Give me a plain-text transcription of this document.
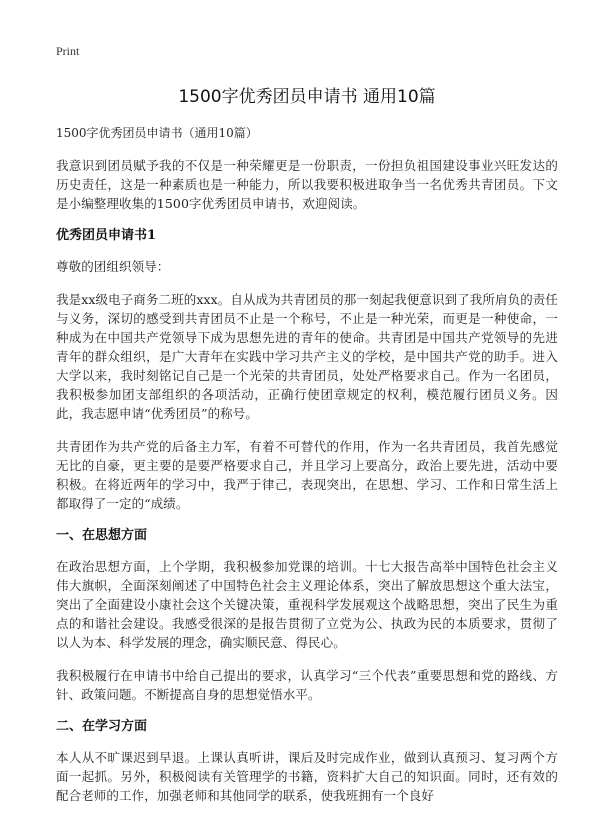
Print
1500字优秀团员申请书 通用10篇
1500字优秀团员申请书（通用10篇）

我意识到团员赋予我的不仅是一种荣耀更是一份职责，一份担负祖国建设事业兴旺发达的历史责任，这是一种素质也是一种能力，所以我要积极进取争当一名优秀共青团员。下文是小编整理收集的1500字优秀团员申请书，欢迎阅读。

优秀团员申请书1

尊敬的团组织领导：

我是xx级电子商务二班的xxx。自从成为共青团员的那一刻起我便意识到了我所肩负的责任与义务，深切的感受到共青团员不止是一个称号，不止是一种光荣，而更是一种使命，一种成为在中国共产党领导下成为思想先进的青年的使命。共青团是中国共产党领导的先进青年的群众组织，是广大青年在实践中学习共产主义的学校，是中国共产党的助手。进入大学以来，我时刻铭记自己是一个光荣的共青团员，处处严格要求自己。作为一名团员，我积极参加团支部组织的各项活动，正确行使团章规定的权利，模范履行团员义务。因此，我志愿申请“优秀团员”的称号。

共青团作为共产党的后备主力军，有着不可替代的作用，作为一名共青团员，我首先感觉无比的自豪，更主要的是要严格要求自己，并且学习上要高分，政治上要先进，活动中要积极。在将近两年的学习中，我严于律己，表现突出，在思想、学习、工作和日常生活上都取得了一定的“成绩。

一、在思想方面

在政治思想方面，上个学期，我积极参加党课的培训。十七大报告高举中国特色社会主义伟大旗帜，全面深刻阐述了中国特色社会主义理论体系，突出了解放思想这个重大法宝，突出了全面建设小康社会这个关键决策，重视科学发展观这个战略思想，突出了民生为重点的和谐社会建设。我感受很深的是报告贯彻了立党为公、执政为民的本质要求，贯彻了以人为本、科学发展的理念，确实顺民意、得民心。

我积极履行在申请书中给自己提出的要求，认真学习“三个代表”重要思想和党的路线、方针、政策问题。不断提高自身的思想觉悟水平。

二、在学习方面

本人从不旷课迟到早退。上课认真听讲，课后及时完成作业，做到认真预习、复习两个方面一起抓。另外，积极阅读有关管理学的书籍，资料扩大自己的知识面。同时，还有效的配合老师的工作，加强老师和其他同学的联系，使我班拥有一个良好
